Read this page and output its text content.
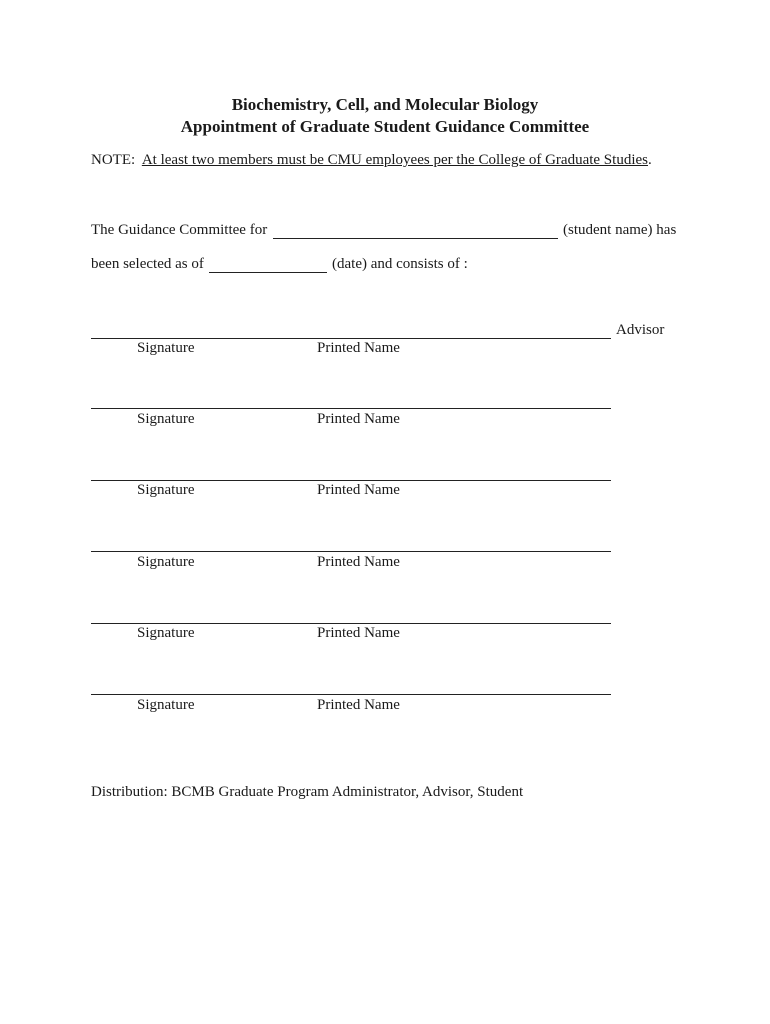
Biochemistry, Cell, and Molecular Biology
Appointment of Graduate Student Guidance Committee
NOTE:  At least two members must be CMU employees per the College of Graduate Studies.
The Guidance Committee for	(student name) has
been selected as of	(date) and consists of :
Advisor
Signature	Printed Name
Signature	Printed Name
Signature	Printed Name
Signature	Printed Name
Signature	Printed Name
Signature	Printed Name
Distribution: BCMB Graduate Program Administrator, Advisor, Student
